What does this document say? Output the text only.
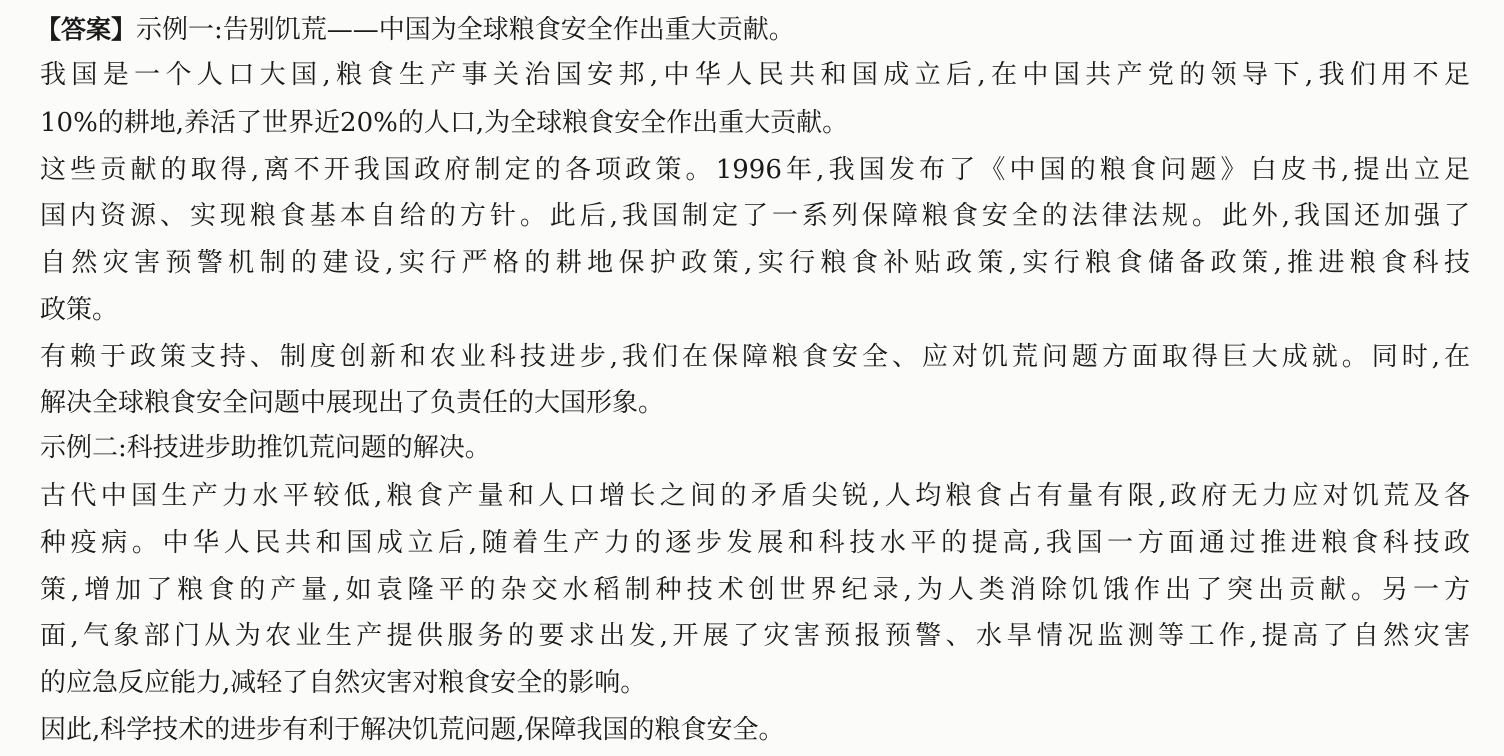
【答案】示例一:告别饥荒——中国为全球粮食安全作出重大贡献。
我国是一个人口大国,粮食生产事关治国安邦,中华人民共和国成立后,在中国共产党的领导下,我们用不足
10%的耕地,养活了世界近20%的人口,为全球粮食安全作出重大贡献。
这些贡献的取得,离不开我国政府制定的各项政策。1996年,我国发布了《中国的粮食问题》白皮书,提出立足
国内资源、实现粮食基本自给的方针。此后,我国制定了一系列保障粮食安全的法律法规。此外,我国还加强了
自然灾害预警机制的建设,实行严格的耕地保护政策,实行粮食补贴政策,实行粮食储备政策,推进粮食科技
政策。
有赖于政策支持、制度创新和农业科技进步,我们在保障粮食安全、应对饥荒问题方面取得巨大成就。同时,在
解决全球粮食安全问题中展现出了负责任的大国形象。
示例二:科技进步助推饥荒问题的解决。
古代中国生产力水平较低,粮食产量和人口增长之间的矛盾尖锐,人均粮食占有量有限,政府无力应对饥荒及各
种疫病。中华人民共和国成立后,随着生产力的逐步发展和科技水平的提高,我国一方面通过推进粮食科技政
策,增加了粮食的产量,如袁隆平的杂交水稻制种技术创世界纪录,为人类消除饥饿作出了突出贡献。另一方
面,气象部门从为农业生产提供服务的要求出发,开展了灾害预报预警、水旱情况监测等工作,提高了自然灾害
的应急反应能力,减轻了自然灾害对粮食安全的影响。
因此,科学技术的进步有利于解决饥荒问题,保障我国的粮食安全。
